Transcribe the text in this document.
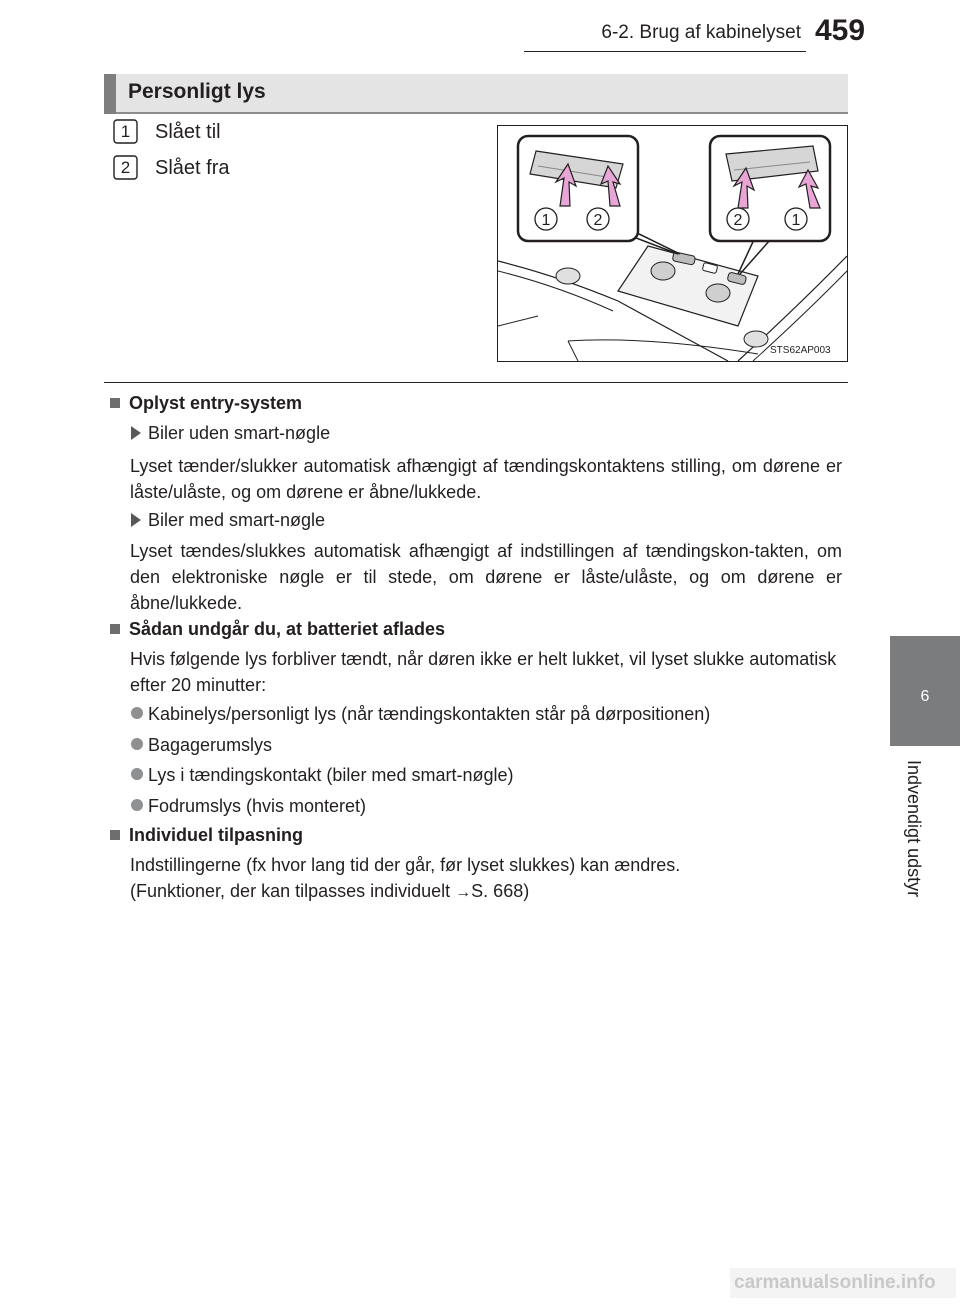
6-2. Brug af kabinelyset 459
6
Indvendigt udstyr
Personligt lys
1 Slået til
2 Slået fra
1	2	2	1
STS62AP003
Oplyst entry-system
Biler uden smart-nøgle
Lyset tænder/slukker automatisk afhængigt af tændingskontaktens stilling, om dørene er låste/ulåste, og om dørene er åbne/lukkede.
Biler med smart-nøgle
Lyset tændes/slukkes automatisk afhængigt af indstillingen af tændingskon-takten, om den elektroniske nøgle er til stede, om dørene er låste/ulåste, og om dørene er åbne/lukkede.
Sådan undgår du, at batteriet aflades
Hvis følgende lys forbliver tændt, når døren ikke er helt lukket, vil lyset slukke automatisk efter 20 minutter:
Kabinelys/personligt lys (når tændingskontakten står på dørpositionen)
Bagagerumslys
Lys i tændingskontakt (biler med smart-nøgle)
Fodrumslys (hvis monteret)
Individuel tilpasning
Indstillingerne (fx hvor lang tid der går, før lyset slukkes) kan ændres.
(Funktioner, der kan tilpasses individuelt →S. 668)
carmanualsonline.info
